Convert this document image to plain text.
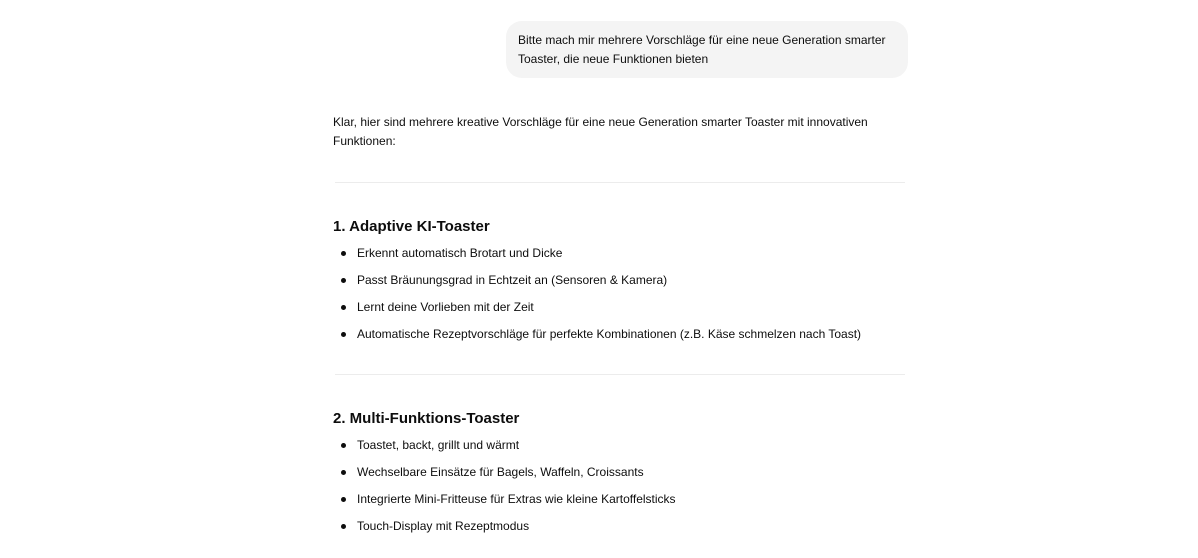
Bitte mach mir mehrere Vorschläge für eine neue Generation smarter Toaster, die neue Funktionen bieten

Klar, hier sind mehrere kreative Vorschläge für eine neue Generation smarter Toaster mit innovativen Funktionen:

1. Adaptive KI-Toaster
Erkennt automatisch Brotart und Dicke
Passt Bräunungsgrad in Echtzeit an (Sensoren & Kamera)
Lernt deine Vorlieben mit der Zeit
Automatische Rezeptvorschläge für perfekte Kombinationen (z.B. Käse schmelzen nach Toast)
2. Multi-Funktions-Toaster
Toastet, backt, grillt und wärmt
Wechselbare Einsätze für Bagels, Waffeln, Croissants
Integrierte Mini-Fritteuse für Extras wie kleine Kartoffelsticks
Touch-Display mit Rezeptmodus
